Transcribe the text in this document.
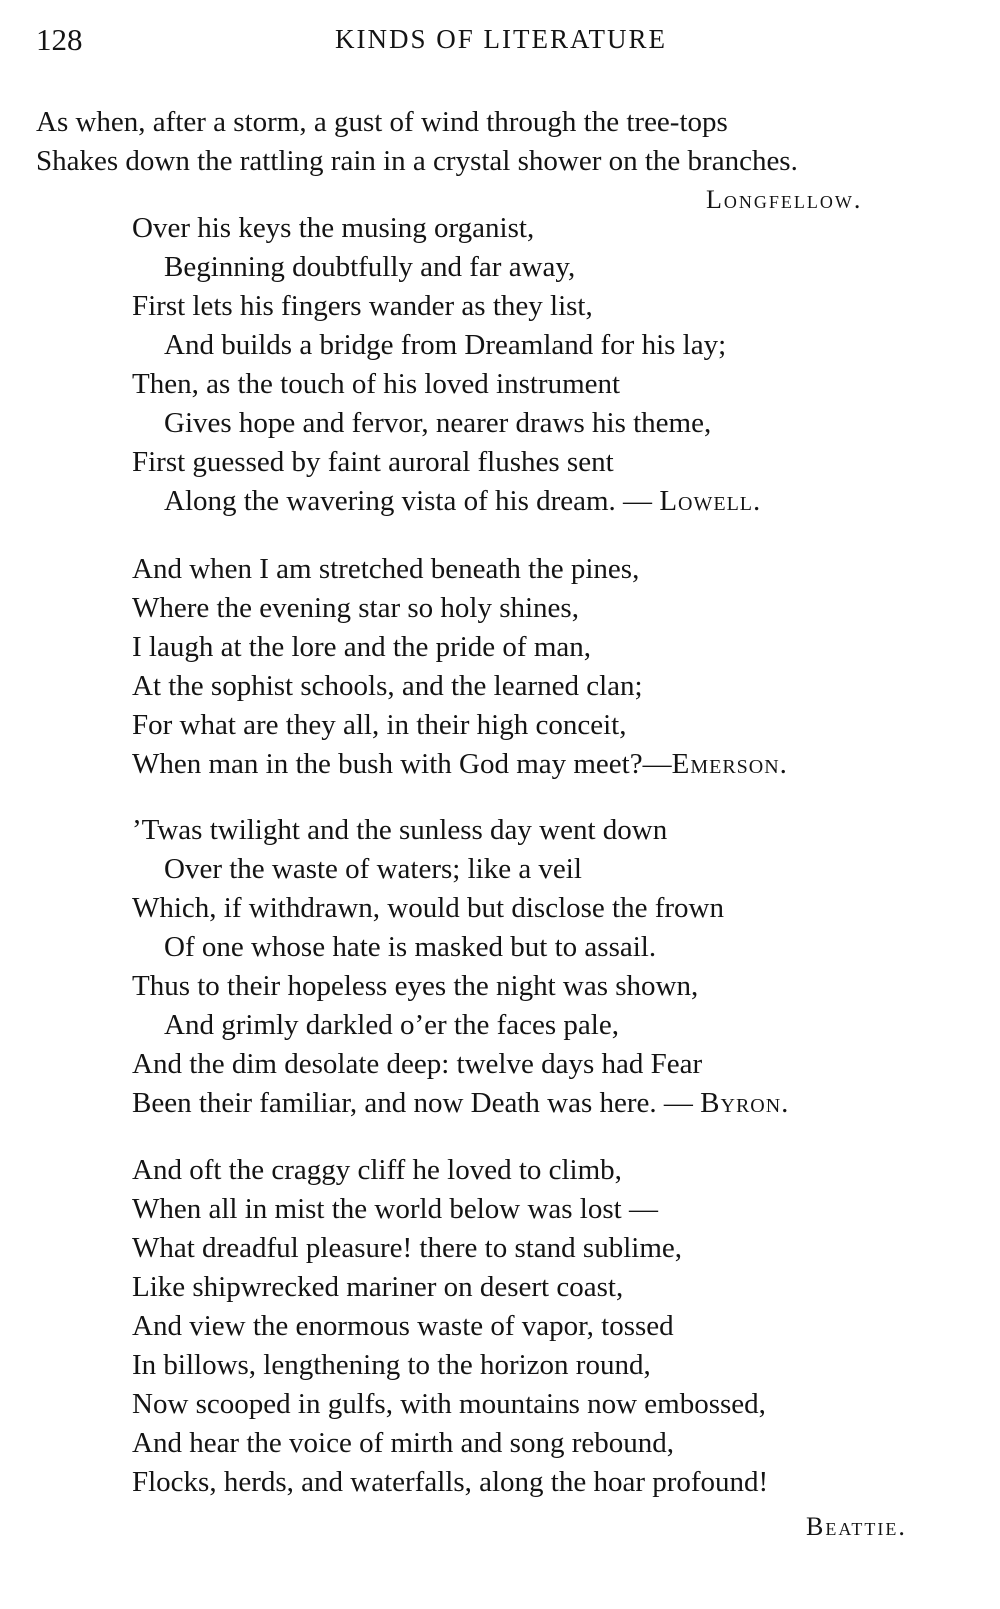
128	KINDS OF LITERATURE
As when, after a storm, a gust of wind through the tree-tops
Shakes down the rattling rain in a crystal shower on the branches.
Longfellow.
Over his keys the musing organist,
Beginning doubtfully and far away,
First lets his fingers wander as they list,
And builds a bridge from Dreamland for his lay;
Then, as the touch of his loved instrument
Gives hope and fervor, nearer draws his theme,
First guessed by faint auroral flushes sent
Along the wavering vista of his dream. — Lowell.
And when I am stretched beneath the pines,
Where the evening star so holy shines,
I laugh at the lore and the pride of man,
At the sophist schools, and the learned clan;
For what are they all, in their high conceit,
When man in the bush with God may meet?—Emerson.
’Twas twilight and the sunless day went down
Over the waste of waters; like a veil
Which, if withdrawn, would but disclose the frown
Of one whose hate is masked but to assail.
Thus to their hopeless eyes the night was shown,
And grimly darkled o’er the faces pale,
And the dim desolate deep: twelve days had Fear
Been their familiar, and now Death was here. — Byron.
And oft the craggy cliff he loved to climb,
When all in mist the world below was lost —
What dreadful pleasure! there to stand sublime,
Like shipwrecked mariner on desert coast,
And view the enormous waste of vapor, tossed
In billows, lengthening to the horizon round,
Now scooped in gulfs, with mountains now embossed,
And hear the voice of mirth and song rebound,
Flocks, herds, and waterfalls, along the hoar profound!
Beattie.
